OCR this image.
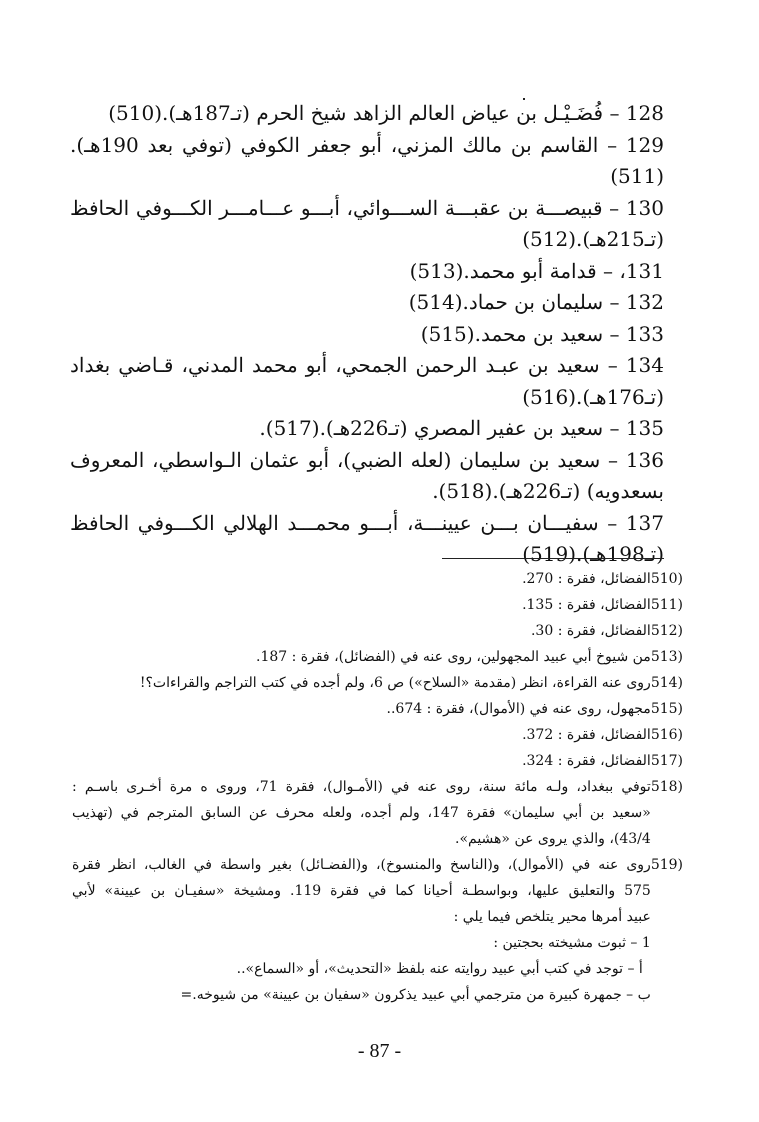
128 – فُضَـيْـل بن عياض العالم الزاهد شيخ الحرم (تـ187هـ).(510)
129 – القاسم بن مالك المزني، أبو جعفر الكوفي (توفي بعد 190هـ).(511)
130 – قبيصـــة بن عقبـــة الســـوائي، أبـــو عـــامـــر الكـــوفي الحافظ
(تـ215هـ).(512)
131، – قدامة أبو محمد.(513)
132 – سليمان بن حماد.(514)
133 – سعيد بن محمد.(515)
134 – سعيد بن عبـد الرحمن الجمحي، أبو محمد المدني، قـاضي بغداد
(تـ176هـ).(516)
135 – سعيد بن عفير المصري (تـ226هـ).(517).
136 – سعيد بن سليمان (لعله الضبي)، أبو عثمان الـواسطي، المعروف
بسعدويه) (تـ226هـ).(518).
137 – سفيـــان بـــن عيينـــة، أبـــو محمـــد الهلالي الكـــوفي الحافظ
(تـ198هـ).(519)
510)
الفضائل، فقرة : 270.
511)
الفضائل، فقرة : 135.
512)
الفضائل، فقرة : 30.
513)
من شيوخ أبي عبيد المجهولين، روى عنه في (الفضائل)، فقرة : 187.
514)
روى عنه القراءة، انظر (مقدمة «السلاح») ص 6، ولم أجده في كتب التراجم والقراءات؟!
515)
مجهول، روى عنه في (الأموال)، فقرة : 674..
516)
الفضائل، فقرة : 372.
517)
الفضائل، فقرة : 324.
518)
توفي ببغداد، ولـه مائة سنة، روى عنه في (الأمـوال)، فقرة 71، وروى ه مرة أخـرى باسـم :
«سعيد بن أبي سليمان» فقرة 147، ولم أجده، ولعله محرف عن السابق المترجم في (تهذيب
43/4)، والذي يروى عن «هشيم».
519)
روى عنه في (الأموال)، و(الناسخ والمنسوخ)، و(الفضـائل) بغير واسطة في الغالب، انظر فقرة
575 والتعليق عليها، وبواسطـة أحيانا كما في فقرة 119. ومشيخة «سفيـان بن عيينة» لأبي
عبيد أمرها محير يتلخص فيما يلي :
1 – ثبوت مشيخته بحجتين :
أ – توجد في كتب أبي عبيد روايته عنه بلفظ «التحديث»، أو «السماع»..
ب – جمهرة كبيرة من مترجمي أبي عبيد يذكرون «سفيان بن عيينة» من شيوخه.=
- 87 -
